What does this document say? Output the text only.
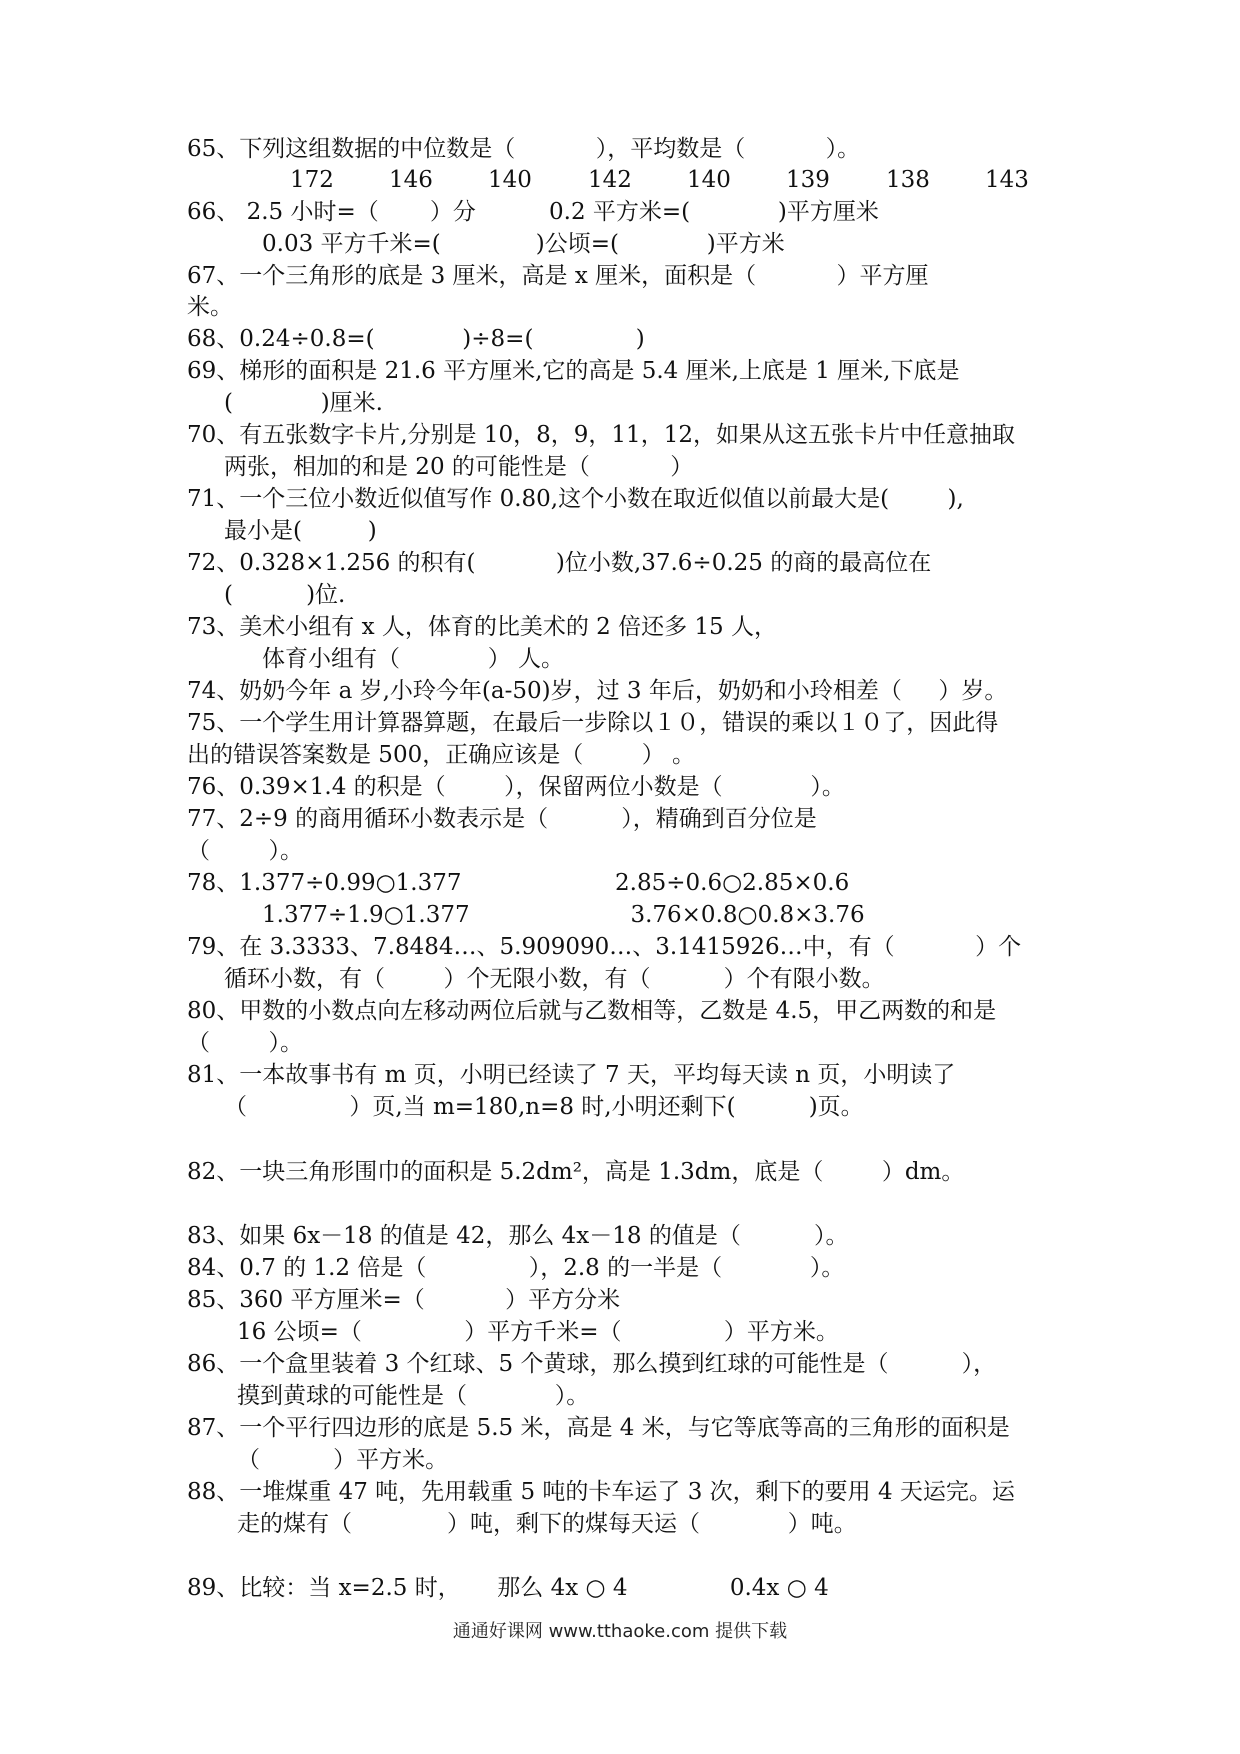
65、下列这组数据的中位数是（           ），平均数是（           ）。
172 146 140 142 140 139 138 143
66、 2.5 小时=（       ）分          0.2 平方米=(            )平方厘米
0.03 平方千米=(             )公顷=(            )平方米
67、一个三角形的底是 3 厘米，高是 x 厘米，面积是（           ）平方厘
米。
68、0.24÷0.8=(            )÷8=(              )
69、梯形的面积是 21.6 平方厘米,它的高是 5.4 厘米,上底是 1 厘米,下底是
(            )厘米.
70、有五张数字卡片,分别是 10，8，9，11，12，如果从这五张卡片中任意抽取
两张，相加的和是 20 的可能性是（           ）
71、一个三位小数近似值写作 0.80,这个小数在取近似值以前最大是(        ),
最小是(         )
72、0.328×1.256 的积有(           )位小数,37.6÷0.25 的商的最高位在
(          )位.
73、美术小组有 x 人，体育的比美术的 2 倍还多 15 人，
体育小组有（            ） 人。
74、奶奶今年 a 岁,小玲今年(a-50)岁，过 3 年后，奶奶和小玲相差（     ）岁。
75、一个学生用计算器算题，在最后一步除以１０，错误的乘以１０了，因此得
出的错误答案数是 500，正确应该是（        ） 。
76、0.39×1.4 的积是（        ），保留两位小数是（            ）。
77、2÷9 的商用循环小数表示是（          ），精确到百分位是
（        ）。
78、1.377÷0.99○1.377                     2.85÷0.6○2.85×0.6
1.377÷1.9○1.377                      3.76×0.8○0.8×3.76
79、在 3.3333、7.8484…、5.909090…、3.1415926…中，有（           ）个
循环小数，有（        ）个无限小数，有（          ）个有限小数。
80、甲数的小数点向左移动两位后就与乙数相等，乙数是 4.5，甲乙两数的和是
（        ）。
81、一本故事书有 m 页，小明已经读了 7 天，平均每天读 n 页，小明读了
（              ）页,当 m=180,n=8 时,小明还剩下(          )页。
82、一块三角形围巾的面积是 5.2dm²，高是 1.3dm，底是（        ）dm。
83、如果 6x－18 的值是 42，那么 4x－18 的值是（          ）。
84、0.7 的 1.2 倍是（              ），2.8 的一半是（            ）。
85、360 平方厘米=（           ）平方分米
16 公顷=（              ）平方千米=（              ）平方米。
86、一个盒里装着 3 个红球、5 个黄球，那么摸到红球的可能性是（          ），
摸到黄球的可能性是（            ）。
87、一个平行四边形的底是 5.5 米，高是 4 米，与它等底等高的三角形的面积是
（          ）平方米。
88、一堆煤重 47 吨，先用载重 5 吨的卡车运了 3 次，剩下的要用 4 天运完。运
走的煤有（             ）吨，剩下的煤每天运（            ）吨。
89、比较：当 x=2.5 时，     那么 4x ○ 4              0.4x ○ 4
通通好课网 www.tthaoke.com 提供下载
